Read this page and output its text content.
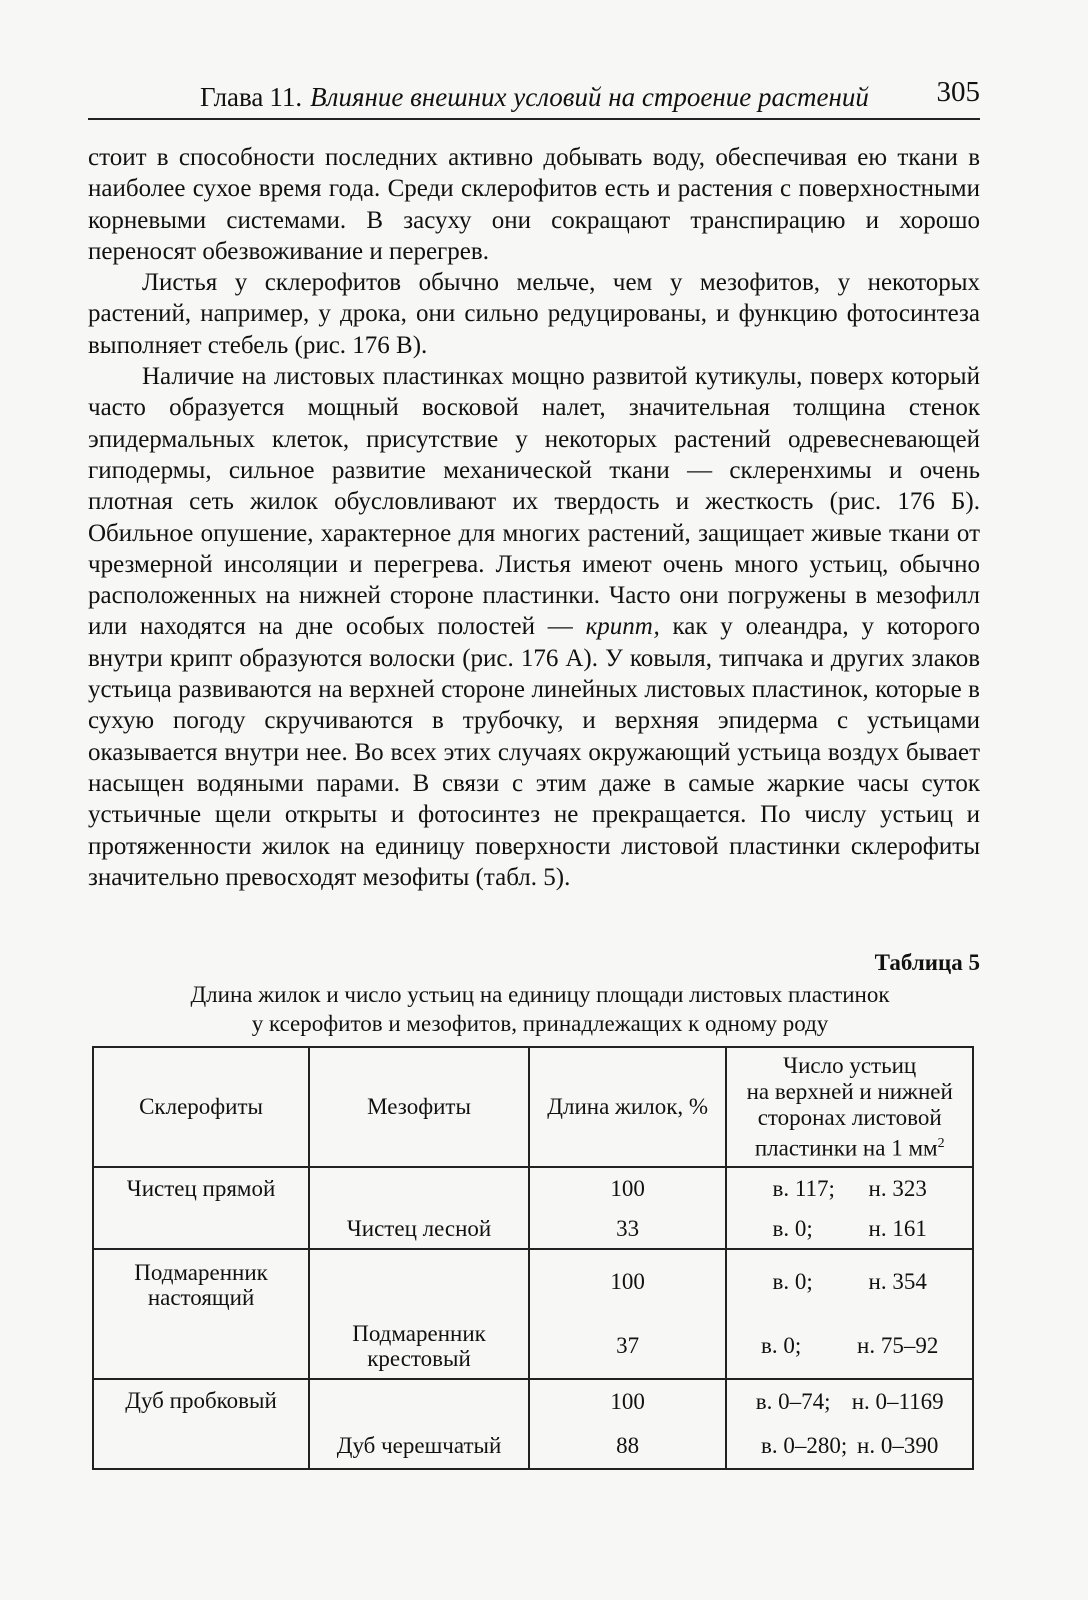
Глава 11. Влияние внешних условий на строение растений 305

стоит в способности последних активно добывать воду, обеспечивая ею ткани в наиболее сухое время года. Среди склерофитов есть и растения с поверхностными корневыми системами. В засуху они сокращают транспирацию и хорошо переносят обезвоживание и перегрев.

Листья у склерофитов обычно мельче, чем у мезофитов, у некоторых растений, например, у дрока, они сильно редуцированы, и функцию фотосинтеза выполняет стебель (рис. 176 В).

Наличие на листовых пластинках мощно развитой кутикулы, поверх который часто образуется мощный восковой налет, значительная толщина стенок эпидермальных клеток, присутствие у некоторых растений одревесневающей гиподермы, сильное развитие механической ткани — склеренхимы и очень плотная сеть жилок обусловливают их твердость и жесткость (рис. 176 Б). Обильное опушение, характерное для многих растений, защищает живые ткани от чрезмерной инсоляции и перегрева. Листья имеют очень много устьиц, обычно расположенных на нижней стороне пластинки. Часто они погружены в мезофилл или находятся на дне особых полостей — крипт, как у олеандра, у которого внутри крипт образуются волоски (рис. 176 А). У ковыля, типчака и других злаков устьица развиваются на верхней стороне линейных листовых пластинок, которые в сухую погоду скручиваются в трубочку, и верхняя эпидерма с устьицами оказывается внутри нее. Во всех этих случаях окружающий устьица воздух бывает насыщен водяными парами. В связи с этим даже в самые жаркие часы суток устьичные щели открыты и фотосинтез не прекращается. По числу устьиц и протяженности жилок на единицу поверхности листовой пластинки склерофиты значительно превосходят мезофиты (табл. 5).

Таблица 5
Длина жилок и число устьиц на единицу площади листовых пластинок
у ксерофитов и мезофитов, принадлежащих к одному роду
Склерофиты	Мезофиты	Длина жилок, %	Число устьиц
на верхней и нижней
сторонах листовой
пластинки на 1 $мм^2$

Чистец прямой		100	в. 117; н. 323
	Чистец лесной	33	в. 0; н. 161
Подмаренник настоящий		100	в. 0; н. 354
	Подмаренник крестовый	37	в. 0; н. 75–92
Дуб пробковый		100	в. 0–74; н. 0–1169
	Дуб черешчатый	88	в. 0–280; н. 0–390
